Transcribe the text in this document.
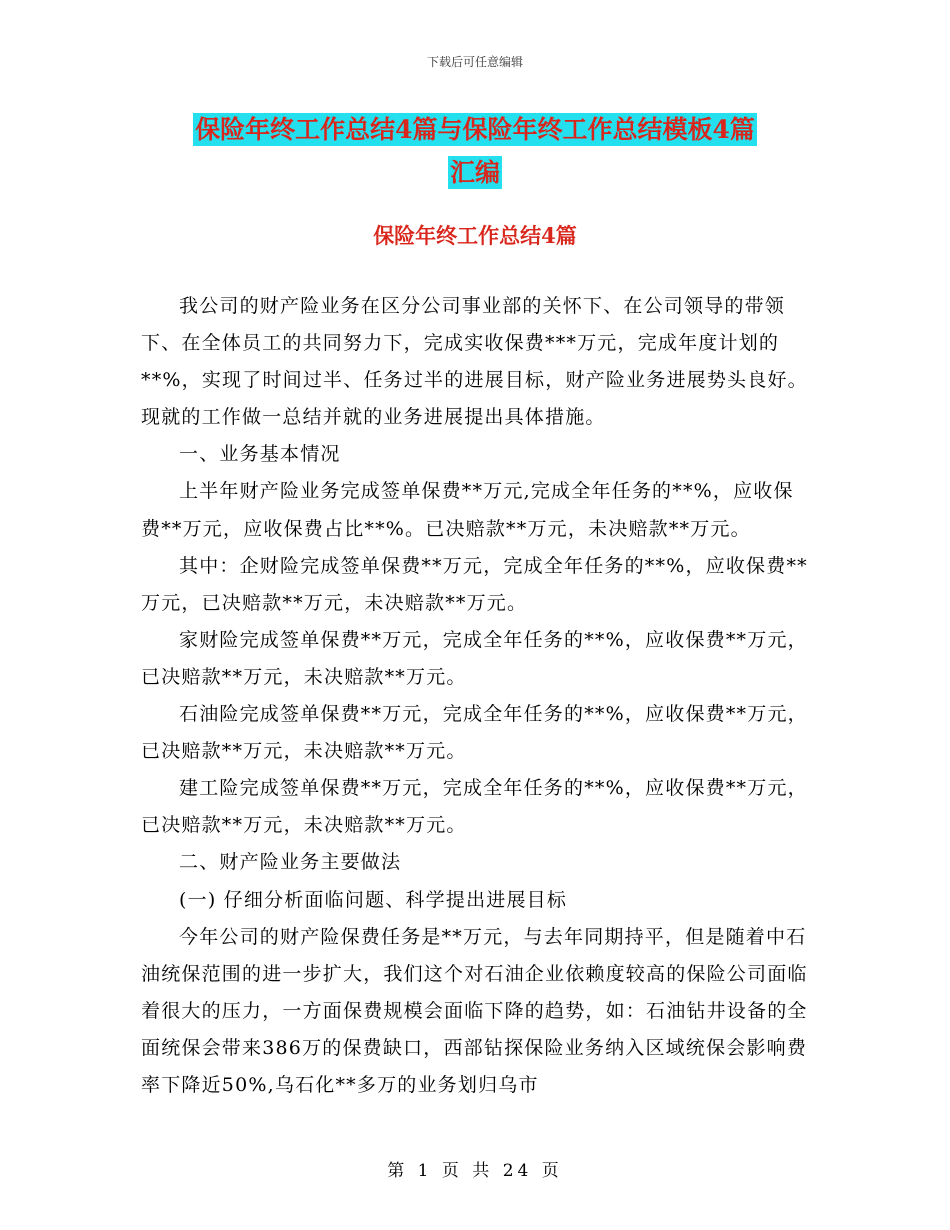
下载后可任意编辑
保险年终工作总结4篇与保险年终工作总结模板4篇
汇编
保险年终工作总结4篇

我公司的财产险业务在区分公司事业部的关怀下、在公司领导的带领下、在全体员工的共同努力下，完成实收保费***万元，完成年度计划的**%，实现了时间过半、任务过半的进展目标，财产险业务进展势头良好。现就的工作做一总结并就的业务进展提出具体措施。

一、业务基本情况

上半年财产险业务完成签单保费**万元,完成全年任务的**%，应收保费**万元，应收保费占比**%。已决赔款**万元，未决赔款**万元。

其中：企财险完成签单保费**万元，完成全年任务的**%，应收保费**万元，已决赔款**万元，未决赔款**万元。

家财险完成签单保费**万元，完成全年任务的**%，应收保费**万元，已决赔款**万元，未决赔款**万元。

石油险完成签单保费**万元，完成全年任务的**%，应收保费**万元，已决赔款**万元，未决赔款**万元。

建工险完成签单保费**万元，完成全年任务的**%，应收保费**万元，已决赔款**万元，未决赔款**万元。

二、财产险业务主要做法

(一) 仔细分析面临问题、科学提出进展目标

今年公司的财产险保费任务是**万元，与去年同期持平，但是随着中石油统保范围的进一步扩大，我们这个对石油企业依赖度较高的保险公司面临着很大的压力，一方面保费规模会面临下降的趋势，如：石油钻井设备的全面统保会带来386万的保费缺口，西部钻探保险业务纳入区域统保会影响费率下降近50%,乌石化**多万的业务划归乌市

第 1 页 共 24 页
